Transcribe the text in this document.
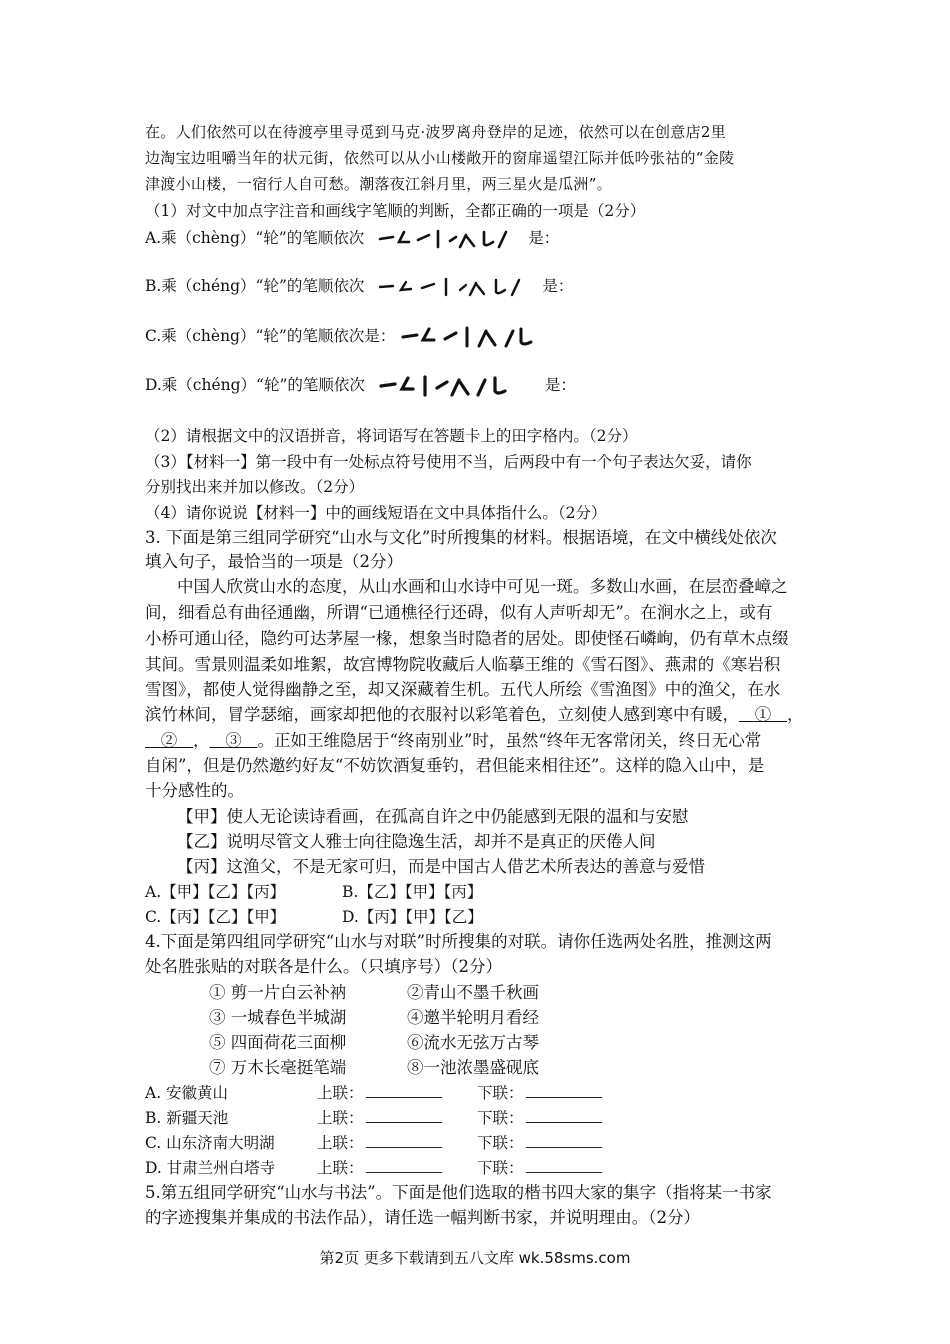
在。人们依然可以在待渡亭里寻觅到马克·波罗离舟登岸的足迹，依然可以在创意店2里
边淘宝边咀嚼当年的状元街，依然可以从小山楼敞开的窗扉遥望江际并低吟张祜的“金陵
津渡小山楼，一宿行人自可愁。潮落夜江斜月里，两三星火是瓜洲”。
（1）对文中加点字注音和画线字笔顺的判断，全都正确的一项是（2分）
A.乘（chèng）“轮”的笔顺依次	是：
B.乘（chéng）“轮”的笔顺依次	是：
C.乘（chèng）“轮”的笔顺依次是：
D.乘（chéng）“轮”的笔顺依次	是：
（2）请根据文中的汉语拼音，将词语写在答题卡上的田字格内。（2分）
（3）【材料一】第一段中有一处标点符号使用不当，后两段中有一个句子表达欠妥，请你
分别找出来并加以修改。（2分）
（4）请你说说【材料一】中的画线短语在文中具体指什么。（2分）
3. 下面是第三组同学研究“山水与文化”时所搜集的材料。根据语境，在文中横线处依次
填入句子，最恰当的一项是（2分）
中国人欣赏山水的态度，从山水画和山水诗中可见一斑。多数山水画，在层峦叠嶂之
间，细看总有曲径通幽，所谓“已通樵径行还碍，似有人声听却无”。在涧水之上，或有
小桥可通山径，隐约可达茅屋一椽，想象当时隐者的居处。即使怪石嶙峋，仍有草木点缀
其间。雪景则温柔如堆絮，故宫博物院收藏后人临摹王维的《雪石图》、燕肃的《寒岩积
雪图》，都使人觉得幽静之至，却又深藏着生机。五代人所绘《雪渔图》中的渔父，在水
滨竹林间，冒学瑟缩，画家却把他的衣服衬以彩笔着色，立刻使人感到寒中有暖， ① ，
② ， ③ 。正如王维隐居于“终南别业”时，虽然“终年无客常闭关，终日无心常
自闲”，但是仍然邀约好友“不妨饮酒复垂钓，君但能来相往还”。这样的隐入山中，是
十分感性的。
【甲】使人无论读诗看画，在孤高自许之中仍能感到无限的温和与安慰
【乙】说明尽管文人雅士向往隐逸生活，却并不是真正的厌倦人间
【丙】这渔父，不是无家可归，而是中国古人借艺术所表达的善意与爱惜
A.【甲】【乙】【丙】	B.【乙】【甲】【丙】
C.【丙】【乙】【甲】	D.【丙】【甲】【乙】
4.下面是第四组同学研究“山水与对联”时所搜集的对联。请你任选两处名胜，推测这两
处名胜张贴的对联各是什么。（只填序号）（2分）
① 剪一片白云补衲	②青山不墨千秋画
③ 一城春色半城湖	④邀半轮明月看经
⑤ 四面荷花三面柳	⑥流水无弦万古琴
⑦ 万木长毫挺笔端	⑧一池浓墨盛砚底
A. 安徽黄山	上联：	下联：
B. 新疆天池	上联：	下联：
C. 山东济南大明湖	上联：	下联：
D. 甘肃兰州白塔寺	上联：	下联：
5.第五组同学研究“山水与书法”。下面是他们选取的楷书四大家的集字（指将某一书家
的字迹搜集并集成的书法作品），请任选一幅判断书家，并说明理由。（2分）
第2页 更多下载请到五八文库 wk.58sms.com
